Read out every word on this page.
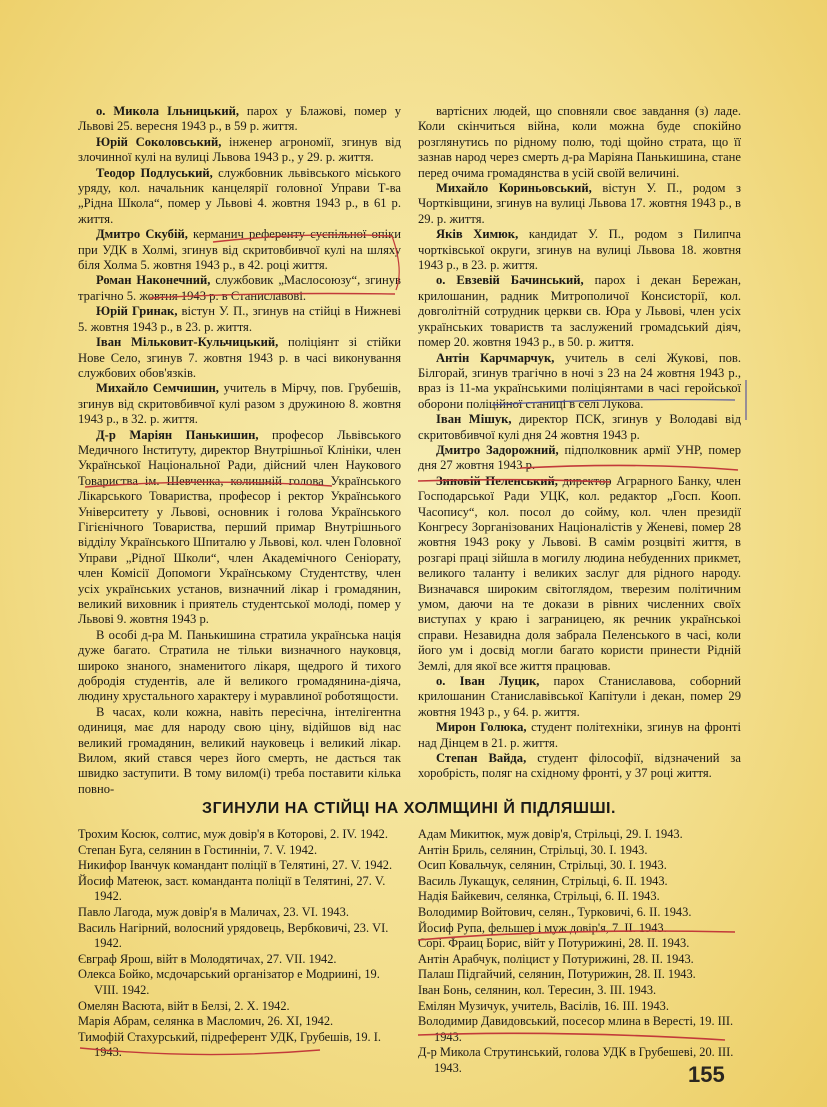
о. Микола Ільницький, парох у Блажові, помер у Львові 25. вересня 1943 р., в 59 р. життя.

Юрій Соколовський, інженер агрономії, згинув від злочинної кулі на вулиці Львова 1943 р., у 29. р. життя.

Теодор Подлуський, службовник львівського міського уряду, кол. начальник канцелярії головної Управи Т-ва „Рідна Школа“, помер у Львові 4. жовтня 1943 р., в 61 р. життя.

Дмитро Скубій, керманич референту суспільної опіки при УДК в Холмі, згинув від скритовбивчої кулі на шляху біля Холма 5. жовтня 1943 р., в 42. році життя.

Роман Наконечний, службовик „Маслосоюзу“, згинув трагічно 5. жовтня 1943 р. в Станиславові.

Юрій Гринак, вістун У. П., згинув на стійці в Нижневі 5. жовтня 1943 р., в 23. р. життя.

Іван Мільковит-Кульчицький, поліціянт зі стійки Нове Село, згинув 7. жовтня 1943 р. в часі виконування службових обов'язків.

Михайло Семчишин, учитель в Мірчу, пов. Грубешів, згинув від скритовбивчої кулі разом з дружиною 8. жовтня 1943 р., в 32. р. життя.

Д-р Маріян Панькишин, професор Львівського Медичного Інституту, директор Внутрішньої Клініки, член Української Національної Ради, дійсний член Наукового Товариства ім. Шевченка, колишній голова Українського Лікарського Товариства, професор і ректор Українського Університету у Львові, основник і голова Українського Гігієнічного Товариства, перший примар Внутрішнього відділу Українського Шпиталю у Львові, кол. член Головної Управи „Рідної Школи“, член Академічного Сеніорату, член Комісії Допомоги Українському Студентству, член усіх українських установ, визначний лікар і громадянин, великий виховник і приятель студентської молоді, помер у Львові 9. жовтня 1943 р.

В особі д-ра М. Панькишина стратила українська нація дуже багато. Стратила не тільки визначного науковця, широко знаного, знаменитого лікаря, щедрого й тихого добродія студентів, але й великого громадянина-діяча, людину хрустального характеру і муравлиної роботящости.

В часах, коли кожна, навіть пересічна, інтелігентна одиниця, має для народу свою ціну, відійшов від нас великий громадянин, великий науковець і великий лікар. Вилом, який стався через його смерть, не дасться так швидко заступити. В тому вилом(і) треба поставити кілька повно-

вартісних людей, що сповняли своє завдання (з) ладе. Коли скінчиться війна, коли можна буде спокійно розглянутись по рідному полю, тоді щойно страта, що її зазнав народ через смерть д-ра Маріяна Панькишина, стане перед очима громадянства в усій своїй величині.

Михайло Кориньовський, вістун У. П., родом з Чортківщини, згинув на вулиці Львова 17. жовтня 1943 р., в 29. р. життя.

Яків Химюк, кандидат У. П., родом з Пилипча чортківської округи, згинув на вулиці Львова 18. жовтня 1943 р., в 23. р. життя.

о. Евзевій Бачинський, парох і декан Бережан, крилошанин, радник Митрополичої Консисторії, кол. довголітній сотрудник церкви св. Юра у Львові, член усіх українських товариств та заслужений громадський діяч, помер 20. жовтня 1943 р., в 50. р. життя.

Антін Карчмарчук, учитель в селі Жукові, пов. Білгорай, згинув трагічно в ночі з 23 на 24 жовтня 1943 р., враз із 11-ма українськими поліціянтами в часі геройської оборони поліційної станиці в селі Лукова.

Іван Мішук, директор ПСК, згинув у Володаві від скритовбивчої кулі дня 24 жовтня 1943 р.

Дмитро Задорожний, підполковник армії УНР, помер дня 27 жовтня 1943 р.

Зиновій Пеленський, директор Аграрного Банку, член Господарської Ради УЦК, кол. редактор „Госп. Кооп. Часопису“, кол. посол до сойму, кол. член президії Конгресу Зорганізованих Націоналістів у Женеві, помер 28 жовтня 1943 року у Львові. В самім розцвіті життя, в розгарі праці зійшла в могилу людина небуденних прикмет, великого таланту і великих заслуг для рідного народу. Визначався широким світоглядом, тверезим політичним умом, даючи на те докази в рівних численних своїх виступах у краю і заграницею, як речник українськоі справи. Незавидна доля забрала Пеленського в часі, коли його ум і досвід могли багато користи принести Рідній Землі, для якої все життя працював.

о. Іван Луцик, парох Станиславова, соборний крилошанин Станиславівської Капітули і декан, помер 29 жовтня 1943 р., у 64. р. життя.

Мирон Голюка, студент політехніки, згинув на фронті над Дінцем в 21. р. життя.

Степан Вайда, студент філософії, відзначений за хоробрість, поляг на східному фронті, у 37 році життя.

ЗГИНУЛИ НА СТІЙЦІ НА ХОЛМЩИНІ Й ПІДЛЯШШІ.
Трохим Косюк, солтис, муж довір'я в Которові, 2. IV. 1942.
Степан Буга, селянин в Гостинніи, 7. V. 1942.
Никифор Іванчук командант поліції в Телятині, 27. V. 1942.
Йосиф Матеюк, заст. команданта поліції в Телятині, 27. V. 1942.
Павло Лагода, муж довір'я в Маличах, 23. VI. 1943.
Василь Нагірний, волосний урядовець, Вербковичі, 23. VI. 1942.
Євграф Ярош, війт в Молодятичах, 27. VII. 1942.
Олекса Бойко, мсдочарський організатор е Модриині, 19. VIII. 1942.
Омелян Васюта, війт в Белзі, 2. X. 1942.
Марія Абрам, селянка в Масломич, 26. XI, 1942.
Тимофій Стахурський, підреферент УДК, Грубешів, 19. I. 1943.
Адам Микитюк, муж довір'я, Стрільці, 29. I. 1943.
Антін Бриль, селянин, Стрільці, 30. I. 1943.
Осип Ковальчук, селянин, Стрільці, 30. I. 1943.
Василь Лукащук, селянин, Стрільці, 6. II. 1943.
Надія Байкевич, селянка, Стрільці, 6. II. 1943.
Володимир Войтович, селян., Турковичі, 6. II. 1943.
Йосиф Рупа, фельшер і муж довір'я, 7. II. 1943.
Сорі. Фраиц Борис, війт у Потурижині, 28. II. 1943.
Антін Арабчук, поліцист у Потурижині, 28. II. 1943.
Палаш Підгайчий, селянин, Потурижин, 28. II. 1943.
Іван Бонь, селянин, кол. Тересин, 3. III. 1943.
Емілян Музичук, учитель, Васілів, 16. III. 1943.
Володимир Давидовський, посесор млина в Вересті, 19. III. 1943.
Д-р Микола Струтинський, голова УДК в Грубешеві, 20. III. 1943.	155
